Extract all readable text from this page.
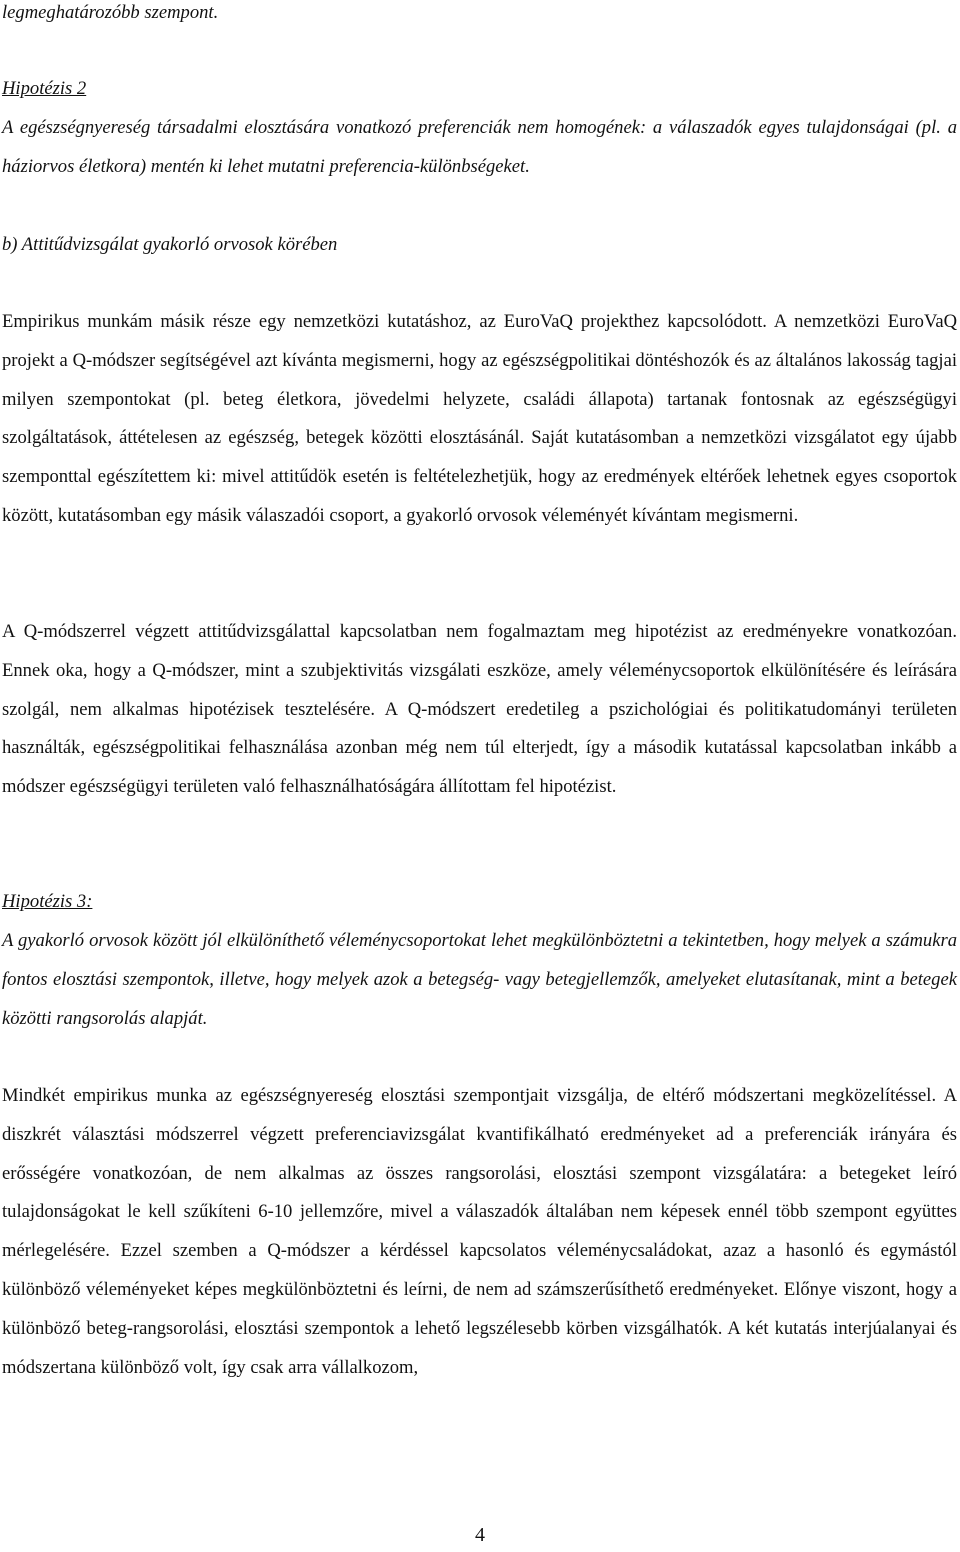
legmeghatározóbb szempont.

Hipotézis 2

A egészségnyereség társadalmi elosztására vonatkozó preferenciák nem homogének: a válaszadók egyes tulajdonságai (pl. a háziorvos életkora) mentén ki lehet mutatni preferencia-különbségeket.

b) Attitűdvizsgálat gyakorló orvosok körében

Empirikus munkám másik része egy nemzetközi kutatáshoz, az EuroVaQ projekthez kapcsolódott. A nemzetközi EuroVaQ projekt a Q-módszer segítségével azt kívánta megismerni, hogy az egészségpolitikai döntéshozók és az általános lakosság tagjai milyen szempontokat (pl. beteg életkora, jövedelmi helyzete, családi állapota) tartanak fontosnak az egészségügyi szolgáltatások, áttételesen az egészség, betegek közötti elosztásánál. Saját kutatásomban a nemzetközi vizsgálatot egy újabb szemponttal egészítettem ki: mivel attitűdök esetén is feltételezhetjük, hogy az eredmények eltérőek lehetnek egyes csoportok között, kutatásomban egy másik válaszadói csoport, a gyakorló orvosok véleményét kívántam megismerni.

A Q-módszerrel végzett attitűdvizsgálattal kapcsolatban nem fogalmaztam meg hipotézist az eredményekre vonatkozóan. Ennek oka, hogy a Q-módszer, mint a szubjektivitás vizsgálati eszköze, amely véleménycsoportok elkülönítésére és leírására szolgál, nem alkalmas hipotézisek tesztelésére. A Q-módszert eredetileg a pszichológiai és politikatudományi területen használták, egészségpolitikai felhasználása azonban még nem túl elterjedt, így a második kutatással kapcsolatban inkább a módszer egészségügyi területen való felhasználhatóságára állítottam fel hipotézist.

Hipotézis 3:

A gyakorló orvosok között jól elkülöníthető véleménycsoportokat lehet megkülönböztetni a tekintetben, hogy melyek a számukra fontos elosztási szempontok, illetve, hogy melyek azok a betegség- vagy betegjellemzők, amelyeket elutasítanak, mint a betegek közötti rangsorolás alapját.

Mindkét empirikus munka az egészségnyereség elosztási szempontjait vizsgálja, de eltérő módszertani megközelítéssel. A diszkrét választási módszerrel végzett preferenciavizsgálat kvantifikálható eredményeket ad a preferenciák irányára és erősségére vonatkozóan, de nem alkalmas az összes rangsorolási, elosztási szempont vizsgálatára: a betegeket leíró tulajdonságokat le kell szűkíteni 6-10 jellemzőre, mivel a válaszadók általában nem képesek ennél több szempont együttes mérlegelésére. Ezzel szemben a Q-módszer a kérdéssel kapcsolatos véleménycsaládokat, azaz a hasonló és egymástól különböző véleményeket képes megkülönböztetni és leírni, de nem ad számszerűsíthető eredményeket. Előnye viszont, hogy a különböző beteg-rangsorolási, elosztási szempontok a lehető legszélesebb körben vizsgálhatók. A két kutatás interjúalanyai és módszertana különböző volt, így csak arra vállalkozom,

4
